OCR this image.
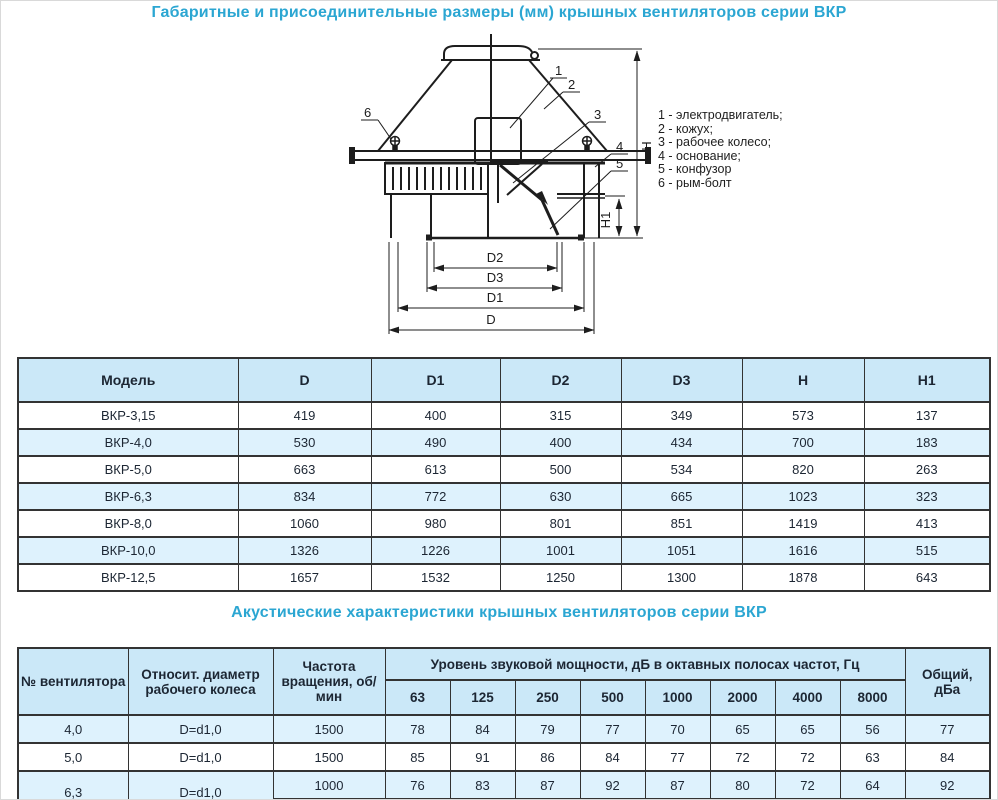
Габаритные и присоединительные размеры (мм) крышных вентиляторов серии ВКР
H
H1
D2
D3
D1
D
1
2
3
4
5
6	1 - электродвигатель;
2 - кожух;
3 - рабочее колесо;
4 - основание;
5 - конфузор
6 - рым-болт
Модель	D	D1	D2	D3	H	H1
ВКР-3,15	419	400	315	349	573	137
ВКР-4,0	530	490	400	434	700	183
ВКР-5,0	663	613	500	534	820	263
ВКР-6,3	834	772	630	665	1023	323
ВКР-8,0	1060	980	801	851	1419	413
ВКР-10,0	1326	1226	1001	1051	1616	515
ВКР-12,5	1657	1532	1250	1300	1878	643
Акустические характеристики крышных вентиляторов серии ВКР
№ вентилятора	Относит. диаметр рабочего колеса	Частота вращения, об/мин	Уровень звуковой мощности, дБ в октавных полосах частот, Гц								Общий, дБа
			63	125	250	500	1000	2000	4000	8000	
4,0	D=d1,0	1500	78	84	79	77	70	65	65	56	77
5,0	D=d1,0	1500	85	91	86	84	77	72	72	63	84
6,3	D=d1,0	1000	76	83	87	92	87	80	72	64	92
